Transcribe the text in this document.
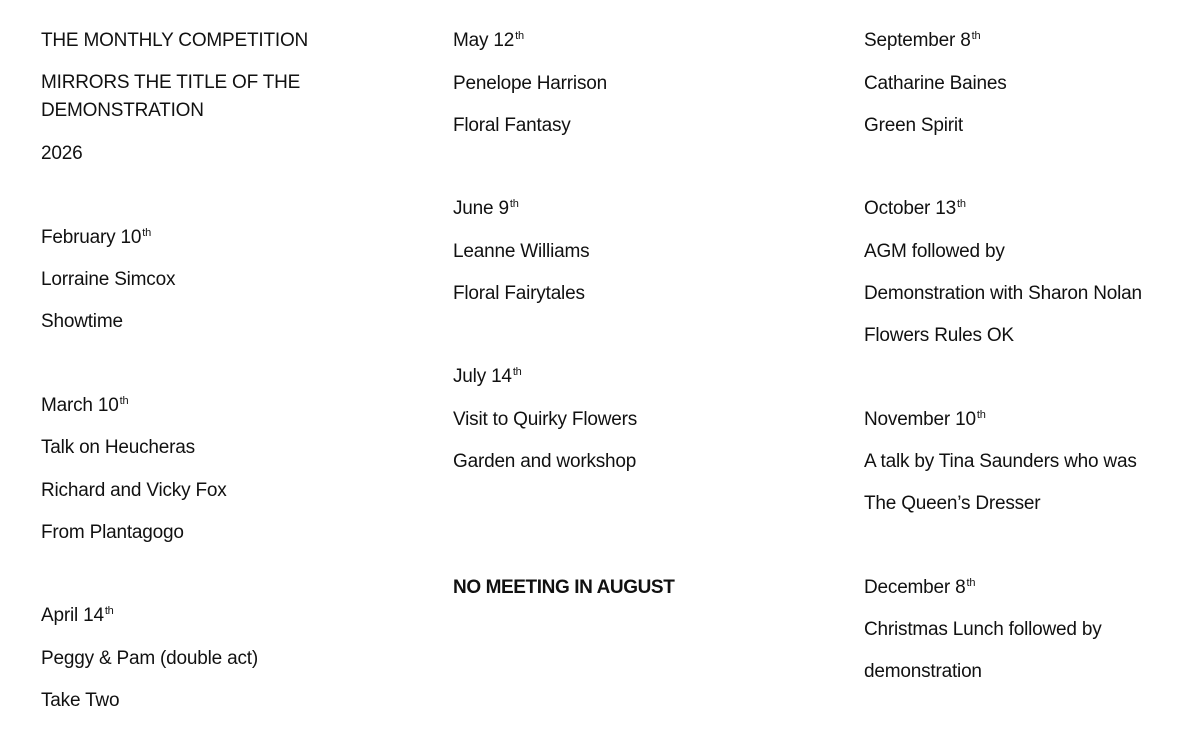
THE MONTHLY COMPETITION
MIRRORS THE TITLE OF THE DEMONSTRATION
2026
February 10th
Lorraine Simcox
Showtime
March 10th
Talk on Heucheras
Richard and Vicky Fox
From Plantagogo
April 14th
Peggy & Pam (double act)
Take Two
May 12th
Penelope Harrison
Floral Fantasy
June 9th
Leanne Williams
Floral Fairytales
July 14th
Visit to Quirky Flowers
Garden and workshop
NO MEETING IN AUGUST
September 8th
Catharine Baines
Green Spirit
October 13th
AGM followed by
Demonstration with Sharon Nolan
Flowers Rules OK
November 10th
A talk by Tina Saunders who was
The Queen’s Dresser
December 8th
Christmas Lunch followed by
demonstration
